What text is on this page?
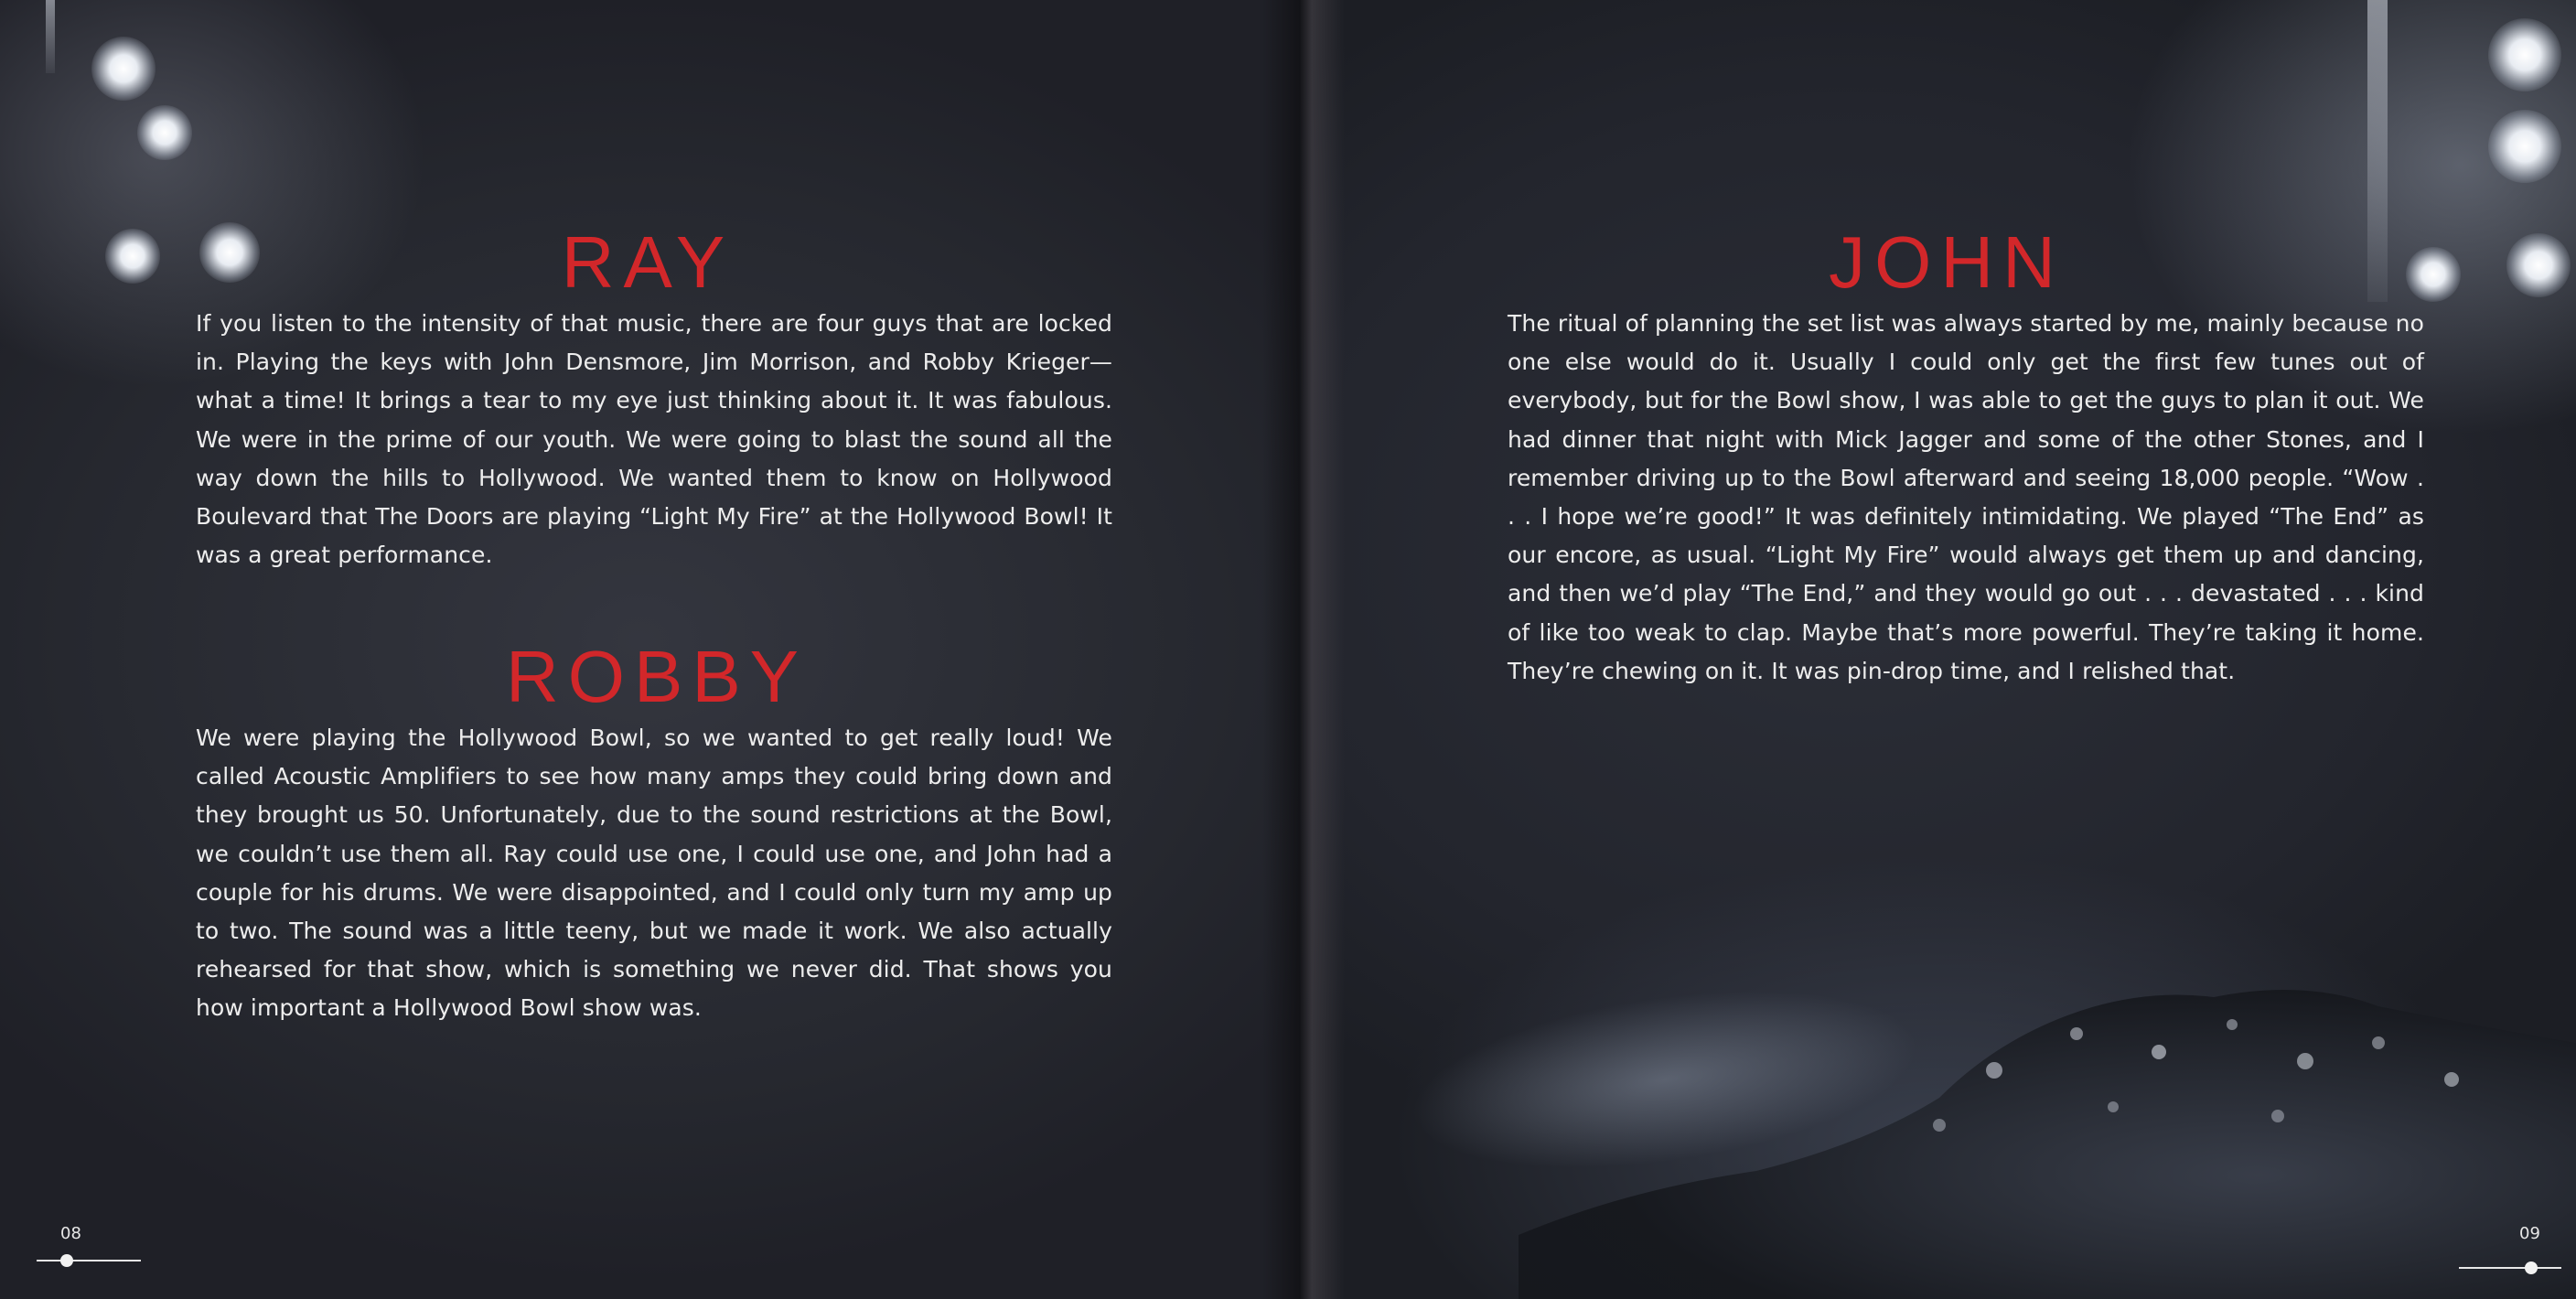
RAY

If you listen to the intensity of that music, there are four guys that are locked in. Playing the keys with John Densmore, Jim Morrison, and Robby Krieger—what a time! It brings a tear to my eye just thinking about it. It was fabulous. We were in the prime of our youth. We were going to blast the sound all the way down the hills to Hollywood. We wanted them to know on Hollywood Boulevard that The Doors are playing “Light My Fire” at the Hollywood Bowl! It was a great performance.

ROBBY

We were playing the Hollywood Bowl, so we wanted to get really loud! We called Acoustic Amplifiers to see how many amps they could bring down and they brought us 50. Unfortunately, due to the sound restrictions at the Bowl, we couldn’t use them all. Ray could use one, I could use one, and John had a couple for his drums. We were disappointed, and I could only turn my amp up to two. The sound was a little teeny, but we made it work. We also actually rehearsed for that show, which is something we never did. That shows you how important a Hollywood Bowl show was.

08
JOHN

The ritual of planning the set list was always started by me, mainly because no one else would do it. Usually I could only get the first few tunes out of everybody, but for the Bowl show, I was able to get the guys to plan it out. We had dinner that night with Mick Jagger and some of the other Stones, and I remember driving up to the Bowl afterward and seeing 18,000 people. “Wow . . . I hope we’re good!” It was definitely intimidating. We played “The End” as our encore, as usual. “Light My Fire” would always get them up and dancing, and then we’d play “The End,” and they would go out . . . devastated . . . kind of like too weak to clap. Maybe that’s more powerful. They’re taking it home. They’re chewing on it. It was pin-drop time, and I relished that.

09
